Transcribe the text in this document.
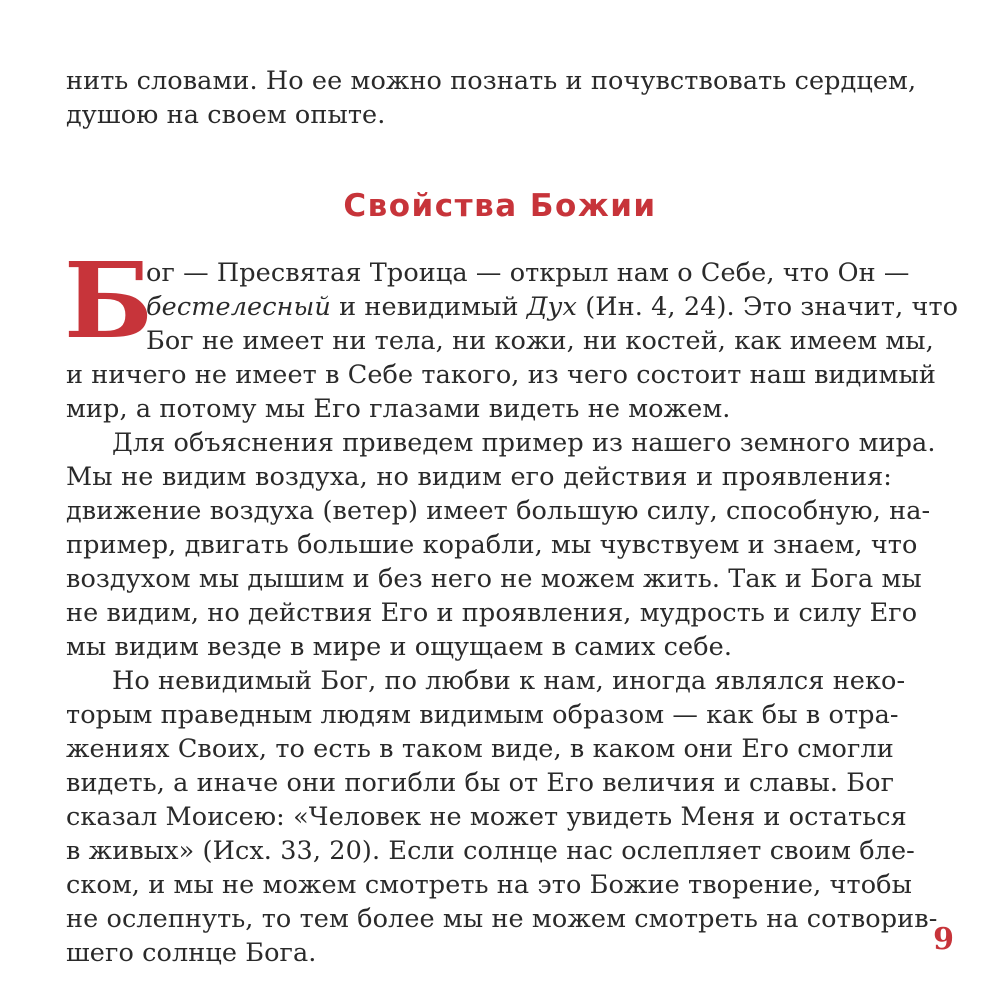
нить словами. Но ее можно познать и почувствовать сердцем,
душою на своем опыте.
Свойства Божии
Б
ог — Пресвятая Троица — открыл нам о Себе, что Он —
бестелесный и невидимый Дух (Ин. 4, 24). Это значит, что
Бог не имеет ни тела, ни кожи, ни костей, как имеем мы,
и ничего не имеет в Себе такого, из чего состоит наш видимый
мир, а потому мы Его глазами видеть не можем.
Для объяснения приведем пример из нашего земного мира.
Мы не видим воздуха, но видим его действия и проявления:
движение воздуха (ветер) имеет большую силу, способную, на-
пример, двигать большие корабли, мы чувствуем и знаем, что
воздухом мы дышим и без него не можем жить. Так и Бога мы
не видим, но действия Его и проявления, мудрость и силу Его
мы видим везде в мире и ощущаем в самих себе.
Но невидимый Бог, по любви к нам, иногда являлся неко-
торым праведным людям видимым образом — как бы в отра-
жениях Своих, то есть в таком виде, в каком они Его смогли
видеть, а иначе они погибли бы от Его величия и славы. Бог
сказал Моисею: «Человек не может увидеть Меня и остаться
в живых» (Исх. 33, 20). Если солнце нас ослепляет своим бле-
ском, и мы не можем смотреть на это Божие творение, чтобы
не ослепнуть, то тем более мы не можем смотреть на сотворив-
шего солнце Бога.	9
